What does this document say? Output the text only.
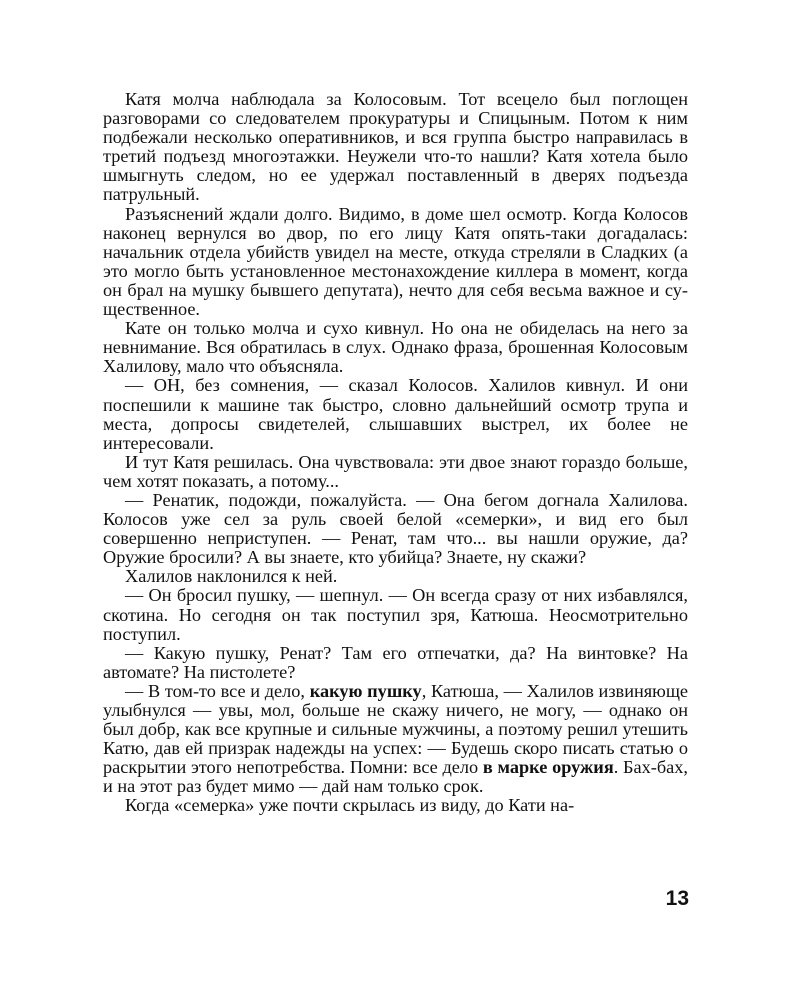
Катя молча наблюдала за Колосовым. Тот всецело был поглощен разговорами со следователем прокуратуры и Спицыным. Потом к ним подбежали несколько оперативников, и вся группа быстро направилась в третий подъезд многоэтажки. Неужели что-то нашли? Катя хотела было шмыгнуть следом, но ее удержал поставленный в дверях подъезда патрульный.

Разъяснений ждали долго. Видимо, в доме шел осмотр. Когда Колосов наконец вернулся во двор, по его лицу Катя опять-таки догадалась: начальник отдела убийств увидел на месте, откуда стреляли в Сладких (а это могло быть установленное местонахождение киллера в момент, когда он брал на мушку бывшего депутата), нечто для себя весьма важное и существенное.

Кате он только молча и сухо кивнул. Но она не обиделась на него за невнимание. Вся обратилась в слух. Однако фраза, брошенная Колосовым Халилову, мало что объясняла.

— ОН, без сомнения, — сказал Колосов. Халилов кивнул. И они поспешили к машине так быстро, словно дальнейший осмотр трупа и места, допросы свидетелей, слышавших выстрел, их более не интересовали.

И тут Катя решилась. Она чувствовала: эти двое знают гораздо больше, чем хотят показать, а потому...

— Ренатик, подожди, пожалуйста. — Она бегом догнала Халилова. Колосов уже сел за руль своей белой «семерки», и вид его был совершенно неприступен. — Ренат, там что... вы нашли оружие, да? Оружие бросили? А вы знаете, кто убийца? Знаете, ну скажи?

Халилов наклонился к ней.

— Он бросил пушку, — шепнул. — Он всегда сразу от них избавлялся, скотина. Но сегодня он так поступил зря, Катюша. Неосмотрительно поступил.

— Какую пушку, Ренат? Там его отпечатки, да? На винтовке? На автомате? На пистолете?

— В том-то все и дело, какую пушку, Катюша, — Халилов извиняюще улыбнулся — увы, мол, больше не скажу ничего, не могу, — однако он был добр, как все крупные и сильные мужчины, а поэтому решил утешить Катю, дав ей призрак надежды на успех: — Будешь скоро писать статью о раскрытии этого непотребства. Помни: все дело в марке оружия. Бах-бах, и на этот раз будет мимо — дай нам только срок.

Когда «семерка» уже почти скрылась из виду, до Кати на-

13
